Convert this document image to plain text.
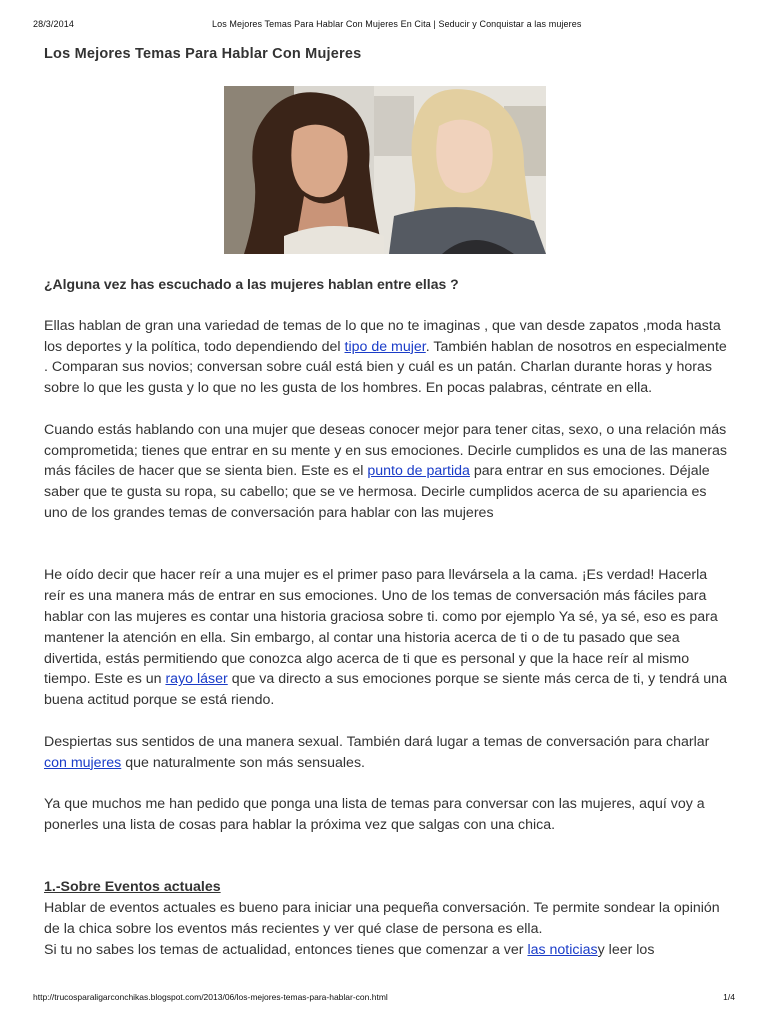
28/3/2014	Los Mejores Temas Para Hablar Con Mujeres En Cita | Seducir y Conquistar a las mujeres
Los Mejores Temas Para Hablar Con Mujeres

¿Alguna vez has escuchado a las mujeres hablan entre ellas ?

Ellas hablan de gran una variedad de temas de lo que no te imaginas , que van desde zapatos ,moda hasta los deportes y la política, todo dependiendo del tipo de mujer. También hablan de nosotros en especialmente . Comparan sus novios; conversan sobre cuál está bien y cuál es un patán. Charlan durante horas y horas sobre lo que les gusta y lo que no les gusta de los hombres. En pocas palabras, céntrate en ella.

Cuando estás hablando con una mujer que deseas conocer mejor para tener citas, sexo, o una relación más comprometida; tienes que entrar en su mente y en sus emociones. Decirle cumplidos es una de las maneras más fáciles de hacer que se sienta bien. Este es el punto de partida para entrar en sus emociones. Déjale saber que te gusta su ropa, su cabello; que se ve hermosa. Decirle cumplidos acerca de su apariencia es uno de los grandes temas de conversación para hablar con las mujeres

He oído decir que hacer reír a una mujer es el primer paso para llevársela a la cama. ¡Es verdad! Hacerla reír es una manera más de entrar en sus emociones. Uno de los temas de conversación más fáciles para hablar con las mujeres es contar una historia graciosa sobre ti. como por ejemplo Ya sé, ya sé, eso es para mantener la atención en ella. Sin embargo, al contar una historia acerca de ti o de tu pasado que sea divertida, estás permitiendo que conozca algo acerca de ti que es personal y que la hace reír al mismo tiempo. Este es un rayo láser que va directo a sus emociones porque se siente más cerca de ti, y tendrá una buena actitud porque se está riendo.

Despiertas sus sentidos de una manera sexual. También dará lugar a temas de conversación para charlar con mujeres que naturalmente son más sensuales.

Ya que muchos me han pedido que ponga una lista de temas para conversar con las mujeres, aquí voy a ponerles una lista de cosas para hablar la próxima vez que salgas con una chica.

1.-Sobre Eventos actuales
Hablar de eventos actuales es bueno para iniciar una pequeña conversación. Te permite sondear la opinión de la chica sobre los eventos más recientes y ver qué clase de persona es ella.
Si tu no sabes los temas de actualidad, entonces tienes que comenzar a ver las noticiasy leer los

http://trucosparaligarconchikas.blogspot.com/2013/06/los-mejores-temas-para-hablar-con.html	1/4
